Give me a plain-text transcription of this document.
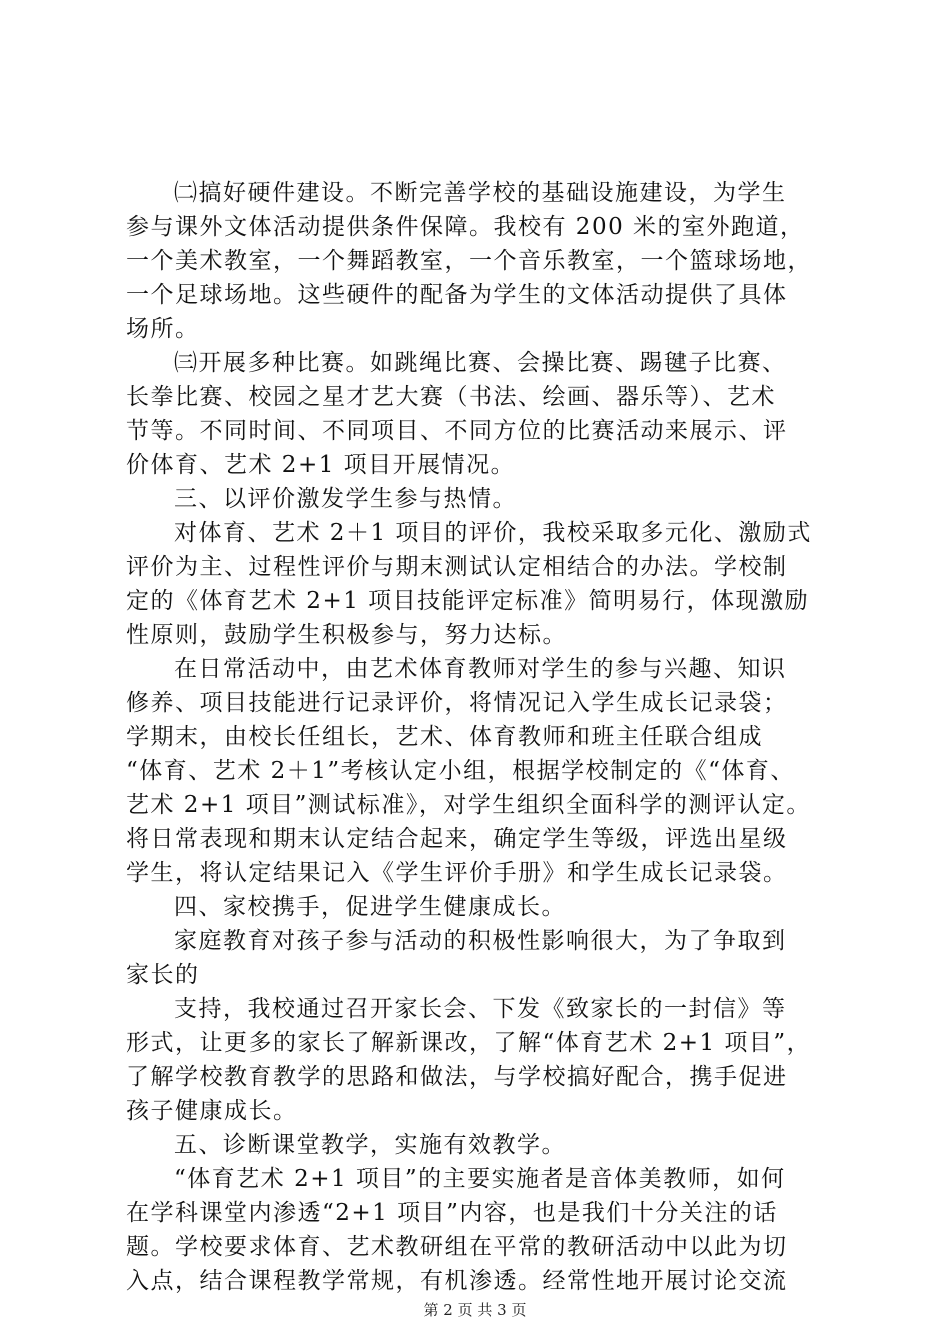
㈡搞好硬件建设。不断完善学校的基础设施建设，为学生
参与课外文体活动提供条件保障。我校有 200 米的室外跑道，
一个美术教室，一个舞蹈教室，一个音乐教室，一个篮球场地，
一个足球场地。这些硬件的配备为学生的文体活动提供了具体
场所。
㈢开展多种比赛。如跳绳比赛、会操比赛、踢毽子比赛、
长拳比赛、校园之星才艺大赛（书法、绘画、器乐等）、艺术
节等。不同时间、不同项目、不同方位的比赛活动来展示、评
价体育、艺术 2+1 项目开展情况。
三、以评价激发学生参与热情。
对体育、艺术 2＋1 项目的评价，我校采取多元化、激励式
评价为主、过程性评价与期末测试认定相结合的办法。学校制
定的《体育艺术 2+1 项目技能评定标准》简明易行，体现激励
性原则，鼓励学生积极参与，努力达标。
在日常活动中，由艺术体育教师对学生的参与兴趣、知识
修养、项目技能进行记录评价，将情况记入学生成长记录袋；
学期末，由校长任组长，艺术、体育教师和班主任联合组成
“体育、艺术 2＋1”考核认定小组，根据学校制定的《“体育、
艺术 2+1 项目”测试标准》，对学生组织全面科学的测评认定。
将日常表现和期末认定结合起来，确定学生等级，评选出星级
学生，将认定结果记入《学生评价手册》和学生成长记录袋。
四、家校携手，促进学生健康成长。
家庭教育对孩子参与活动的积极性影响很大，为了争取到
家长的
支持，我校通过召开家长会、下发《致家长的一封信》等
形式，让更多的家长了解新课改，了解“体育艺术 2+1 项目”，
了解学校教育教学的思路和做法，与学校搞好配合，携手促进
孩子健康成长。
五、诊断课堂教学，实施有效教学。
“体育艺术 2+1 项目”的主要实施者是音体美教师，如何
在学科课堂内渗透“2+1 项目”内容，也是我们十分关注的话
题。学校要求体育、艺术教研组在平常的教研活动中以此为切
入点，结合课程教学常规，有机渗透。经常性地开展讨论交流
第 2 页 共 3 页
